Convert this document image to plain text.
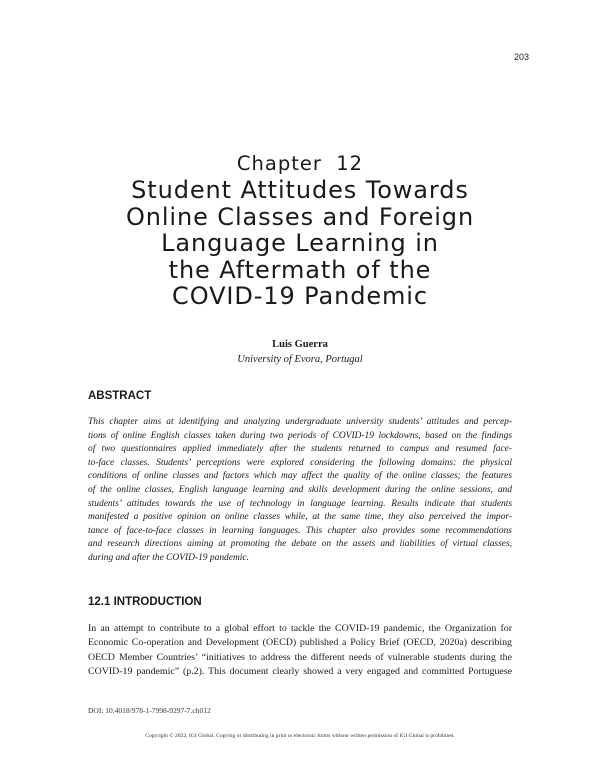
203
Chapter  12
Student Attitudes Towards
Online Classes and Foreign
Language Learning in
the Aftermath of the
COVID-19 Pandemic
Luis Guerra
University of Evora, Portugal
ABSTRACT
This chapter aims at identifying and analyzing undergraduate university students’ attitudes and percep-
tions of online English classes taken during two periods of COVID-19 lockdowns, based on the findings
of two questionnaires applied immediately after the students returned to campus and resumed face-
to-face classes. Students’ perceptions were explored considering the following domains: the physical
conditions of online classes and factors which may affect the quality of the online classes; the features
of the online classes, English language learning and skills development during the online sessions, and
students’ attitudes towards the use of technology in language learning. Results indicate that students
manifested a positive opinion on online classes while, at the same time, they also perceived the impor-
tance of face-to-face classes in learning languages. This chapter also provides some recommendations
and research directions aiming at promoting the debate on the assets and liabilities of virtual classes,
during and after the COVID-19 pandemic.
12.1 INTRODUCTION
In an attempt to contribute to a global effort to tackle the COVID-19 pandemic, the Organization for
Economic Co-operation and Development (OECD) published a Policy Brief (OECD, 2020a) describing
OECD Member Countries’ “initiatives to address the different needs of vulnerable students during the
COVID-19 pandemic” (p.2). This document clearly showed a very engaged and committed Portuguese
DOI: 10.4018/978-1-7998-9297-7.ch012
Copyright © 2022, IGI Global. Copying or distributing in print or electronic forms without written permission of IGI Global is prohibited.
